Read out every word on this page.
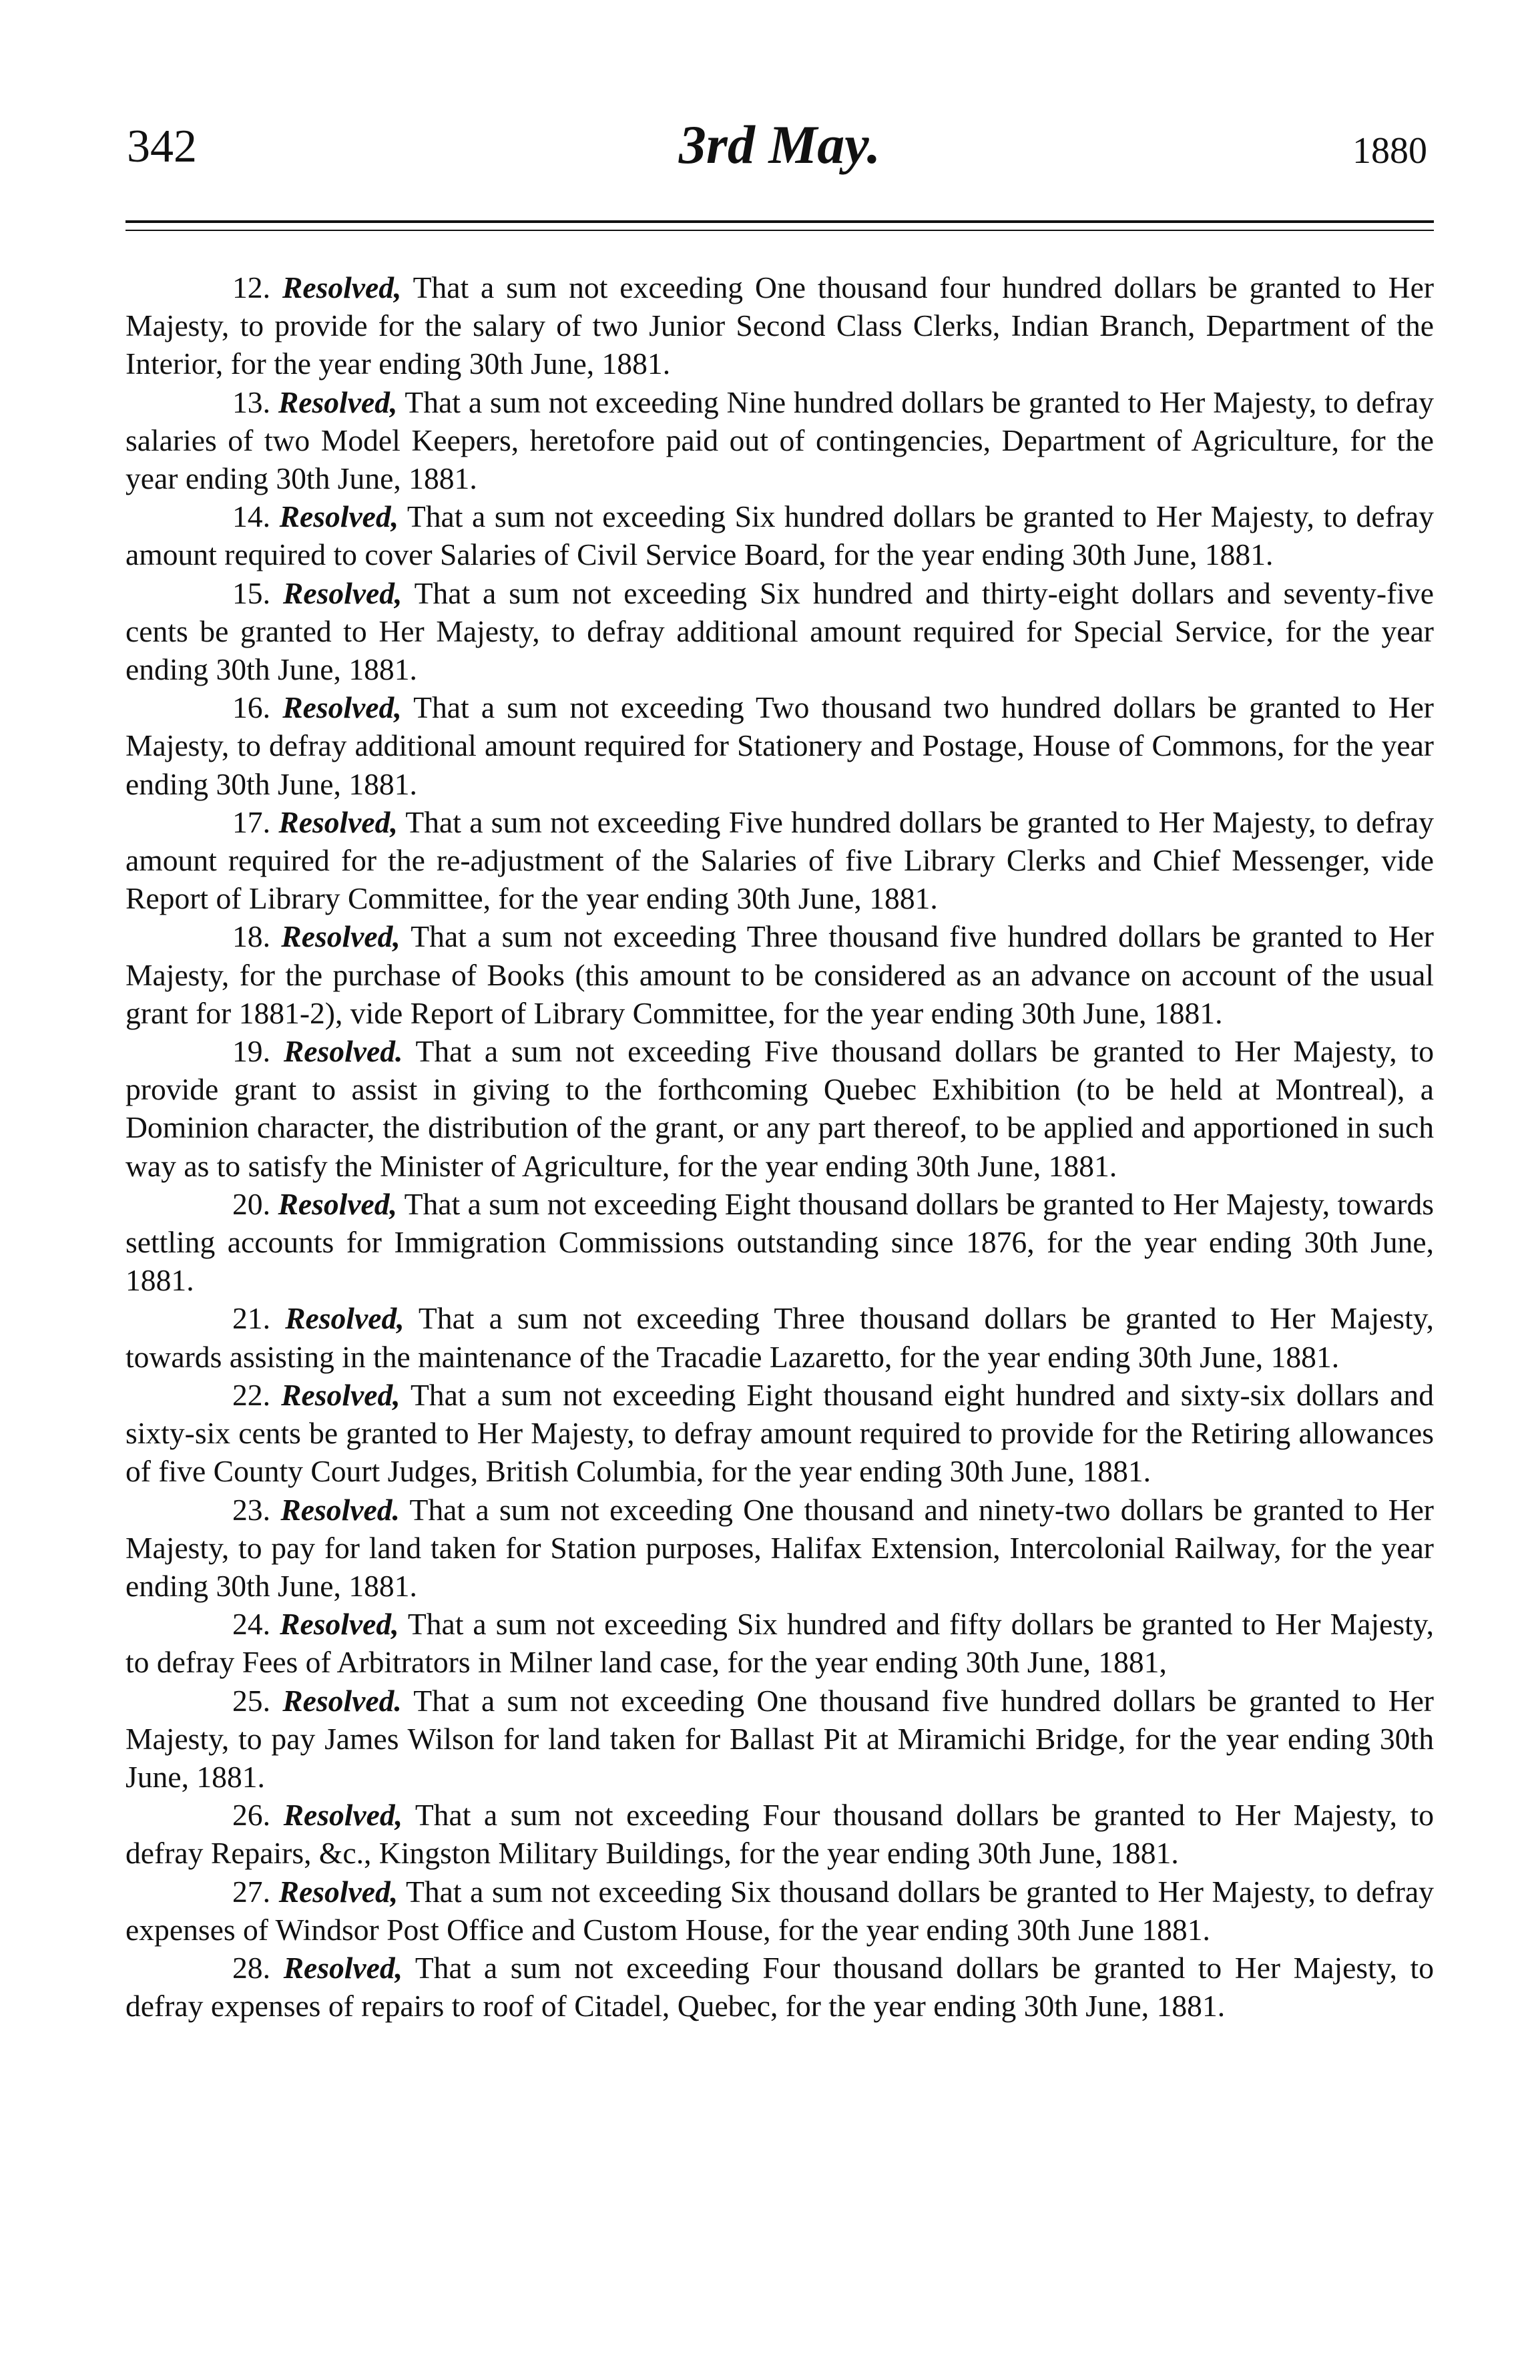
342	3rd May.	1880

12. Resolved, That a sum not exceeding One thousand four hundred dollars be granted to Her Majesty, to provide for the salary of two Junior Second Class Clerks, Indian Branch, Department of the Interior, for the year ending 30th June, 1881.

13. Resolved, That a sum not exceeding Nine hundred dollars be granted to Her Majesty, to defray salaries of two Model Keepers, heretofore paid out of contingencies, Department of Agriculture, for the year ending 30th June, 1881.

14. Resolved, That a sum not exceeding Six hundred dollars be granted to Her Majesty, to defray amount required to cover Salaries of Civil Service Board, for the year ending 30th June, 1881.

15. Resolved, That a sum not exceeding Six hundred and thirty-eight dollars and seventy-five cents be granted to Her Majesty, to defray additional amount required for Special Service, for the year ending 30th June, 1881.

16. Resolved, That a sum not exceeding Two thousand two hundred dollars be granted to Her Majesty, to defray additional amount required for Stationery and Postage, House of Commons, for the year ending 30th June, 1881.

17. Resolved, That a sum not exceeding Five hundred dollars be granted to Her Majesty, to defray amount required for the re-adjustment of the Salaries of five Library Clerks and Chief Messenger, vide Report of Library Committee, for the year ending 30th June, 1881.

18. Resolved, That a sum not exceeding Three thousand five hundred dollars be granted to Her Majesty, for the purchase of Books (this amount to be considered as an advance on account of the usual grant for 1881-2), vide Report of Library Committee, for the year ending 30th June, 1881.

19. Resolved. That a sum not exceeding Five thousand dollars be granted to Her Majesty, to provide grant to assist in giving to the forthcoming Quebec Exhibition (to be held at Montreal), a Dominion character, the distribution of the grant, or any part thereof, to be applied and apportioned in such way as to satisfy the Minister of Agriculture, for the year ending 30th June, 1881.

20. Resolved, That a sum not exceeding Eight thousand dollars be granted to Her Majesty, towards settling accounts for Immigration Commissions outstanding since 1876, for the year ending 30th June, 1881.

21. Resolved, That a sum not exceeding Three thousand dollars be granted to Her Majesty, towards assisting in the maintenance of the Tracadie Lazaretto, for the year ending 30th June, 1881.

22. Resolved, That a sum not exceeding Eight thousand eight hundred and sixty-six dollars and sixty-six cents be granted to Her Majesty, to defray amount required to provide for the Retiring allowances of five County Court Judges, British Columbia, for the year ending 30th June, 1881.

23. Resolved. That a sum not exceeding One thousand and ninety-two dollars be granted to Her Majesty, to pay for land taken for Station purposes, Halifax Extension, Intercolonial Railway, for the year ending 30th June, 1881.

24. Resolved, That a sum not exceeding Six hundred and fifty dollars be granted to Her Majesty, to defray Fees of Arbitrators in Milner land case, for the year ending 30th June, 1881,

25. Resolved. That a sum not exceeding One thousand five hundred dollars be granted to Her Majesty, to pay James Wilson for land taken for Ballast Pit at Miramichi Bridge, for the year ending 30th June, 1881.

26. Resolved, That a sum not exceeding Four thousand dollars be granted to Her Majesty, to defray Repairs, &c., Kingston Military Buildings, for the year ending 30th June, 1881.

27. Resolved, That a sum not exceeding Six thousand dollars be granted to Her Majesty, to defray expenses of Windsor Post Office and Custom House, for the year ending 30th June 1881.

28. Resolved, That a sum not exceeding Four thousand dollars be granted to Her Majesty, to defray expenses of repairs to roof of Citadel, Quebec, for the year ending 30th June, 1881.
